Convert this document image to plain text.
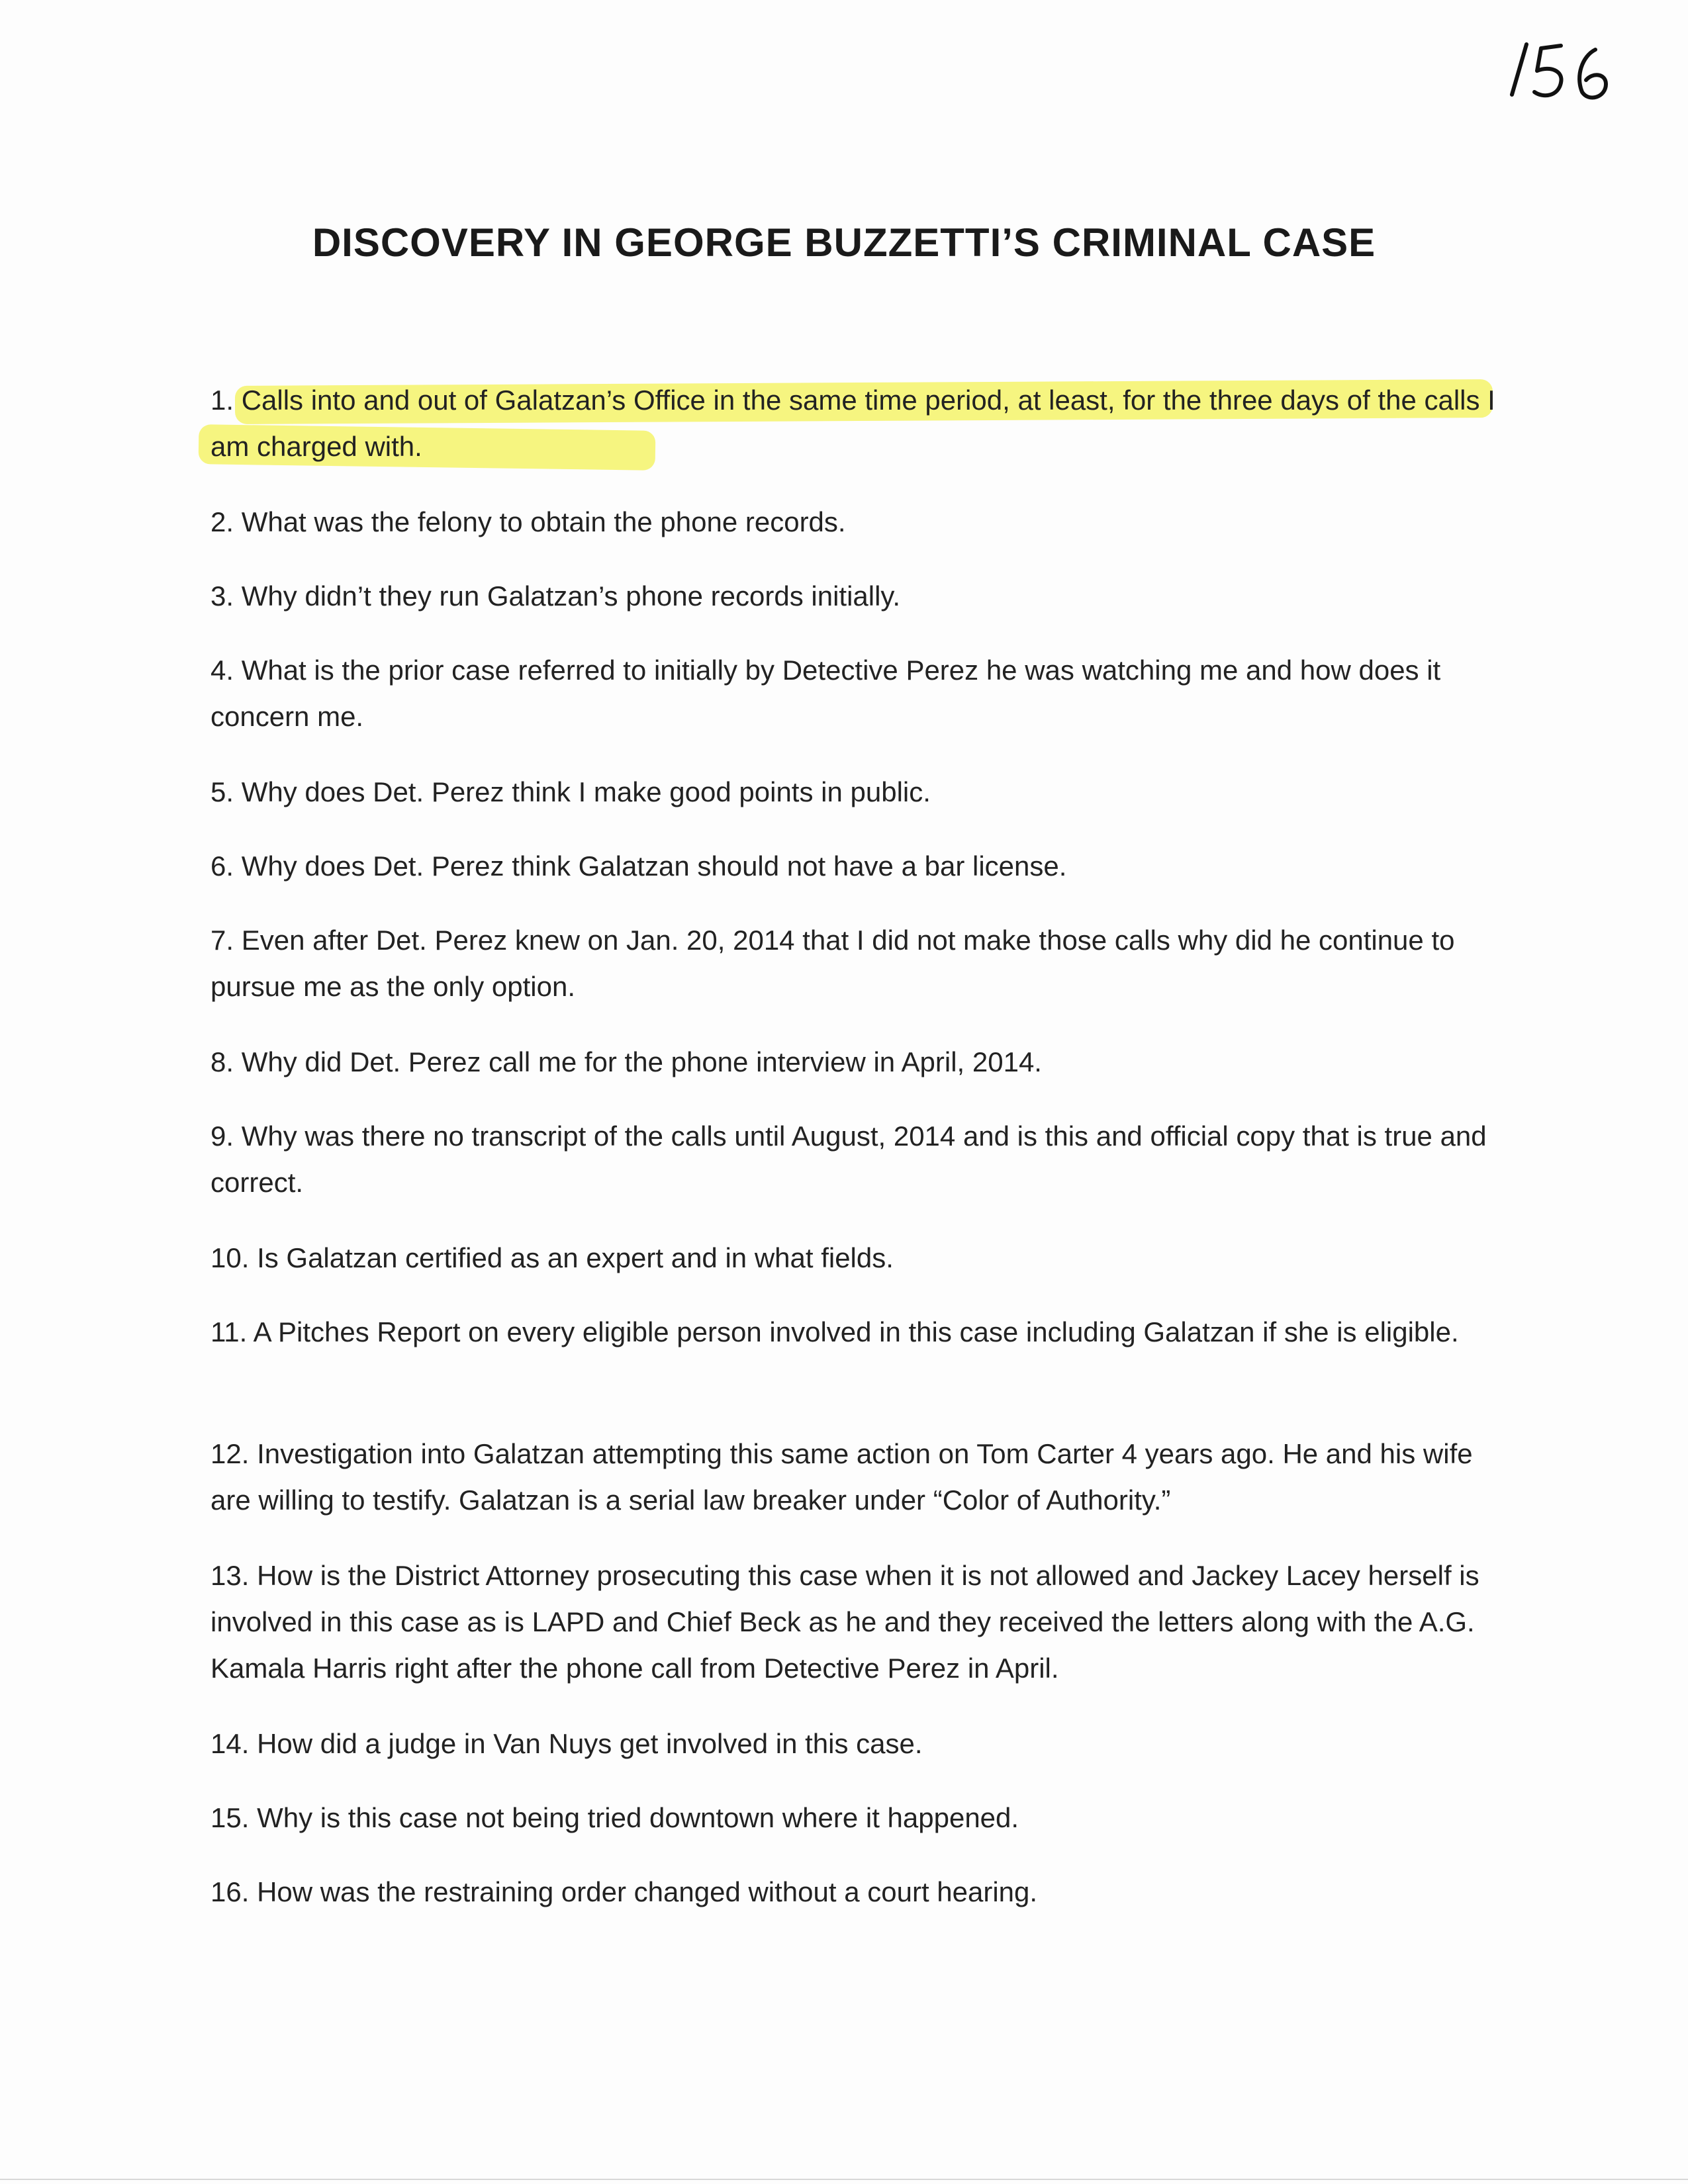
DISCOVERY IN GEORGE BUZZETTI’S CRIMINAL CASE
1. Calls into and out of Galatzan’s Office in the same time period, at least, for the three days of the calls I am charged with.
2. What was the felony to obtain the phone records.
3. Why didn’t they run Galatzan’s phone records initially.
4. What is the prior case referred to initially by Detective Perez he was watching me and how does it concern me.
5. Why does Det. Perez think I make good points in public.
6. Why does Det. Perez think Galatzan should not have a bar license.
7. Even after Det. Perez knew on Jan. 20, 2014 that I did not make those calls why did he continue to pursue me as the only option.
8. Why did Det. Perez call me for the phone interview in April, 2014.
9. Why was there no transcript of the calls until August, 2014 and is this and official copy that is true and correct.
10. Is Galatzan certified as an expert and in what fields.
11. A Pitches Report on every eligible person involved in this case including Galatzan if she is eligible.
12. Investigation into Galatzan attempting this same action on Tom Carter 4 years ago. He and his wife are willing to testify. Galatzan is a serial law breaker under “Color of Authority.”
13. How is the District Attorney prosecuting this case when it is not allowed and Jackey Lacey herself is involved in this case as is LAPD and Chief Beck as he and they received the letters along with the A.G. Kamala Harris right after the phone call from Detective Perez in April.
14. How did a judge in Van Nuys get involved in this case.
15. Why is this case not being tried downtown where it happened.
16. How was the restraining order changed without a court hearing.
